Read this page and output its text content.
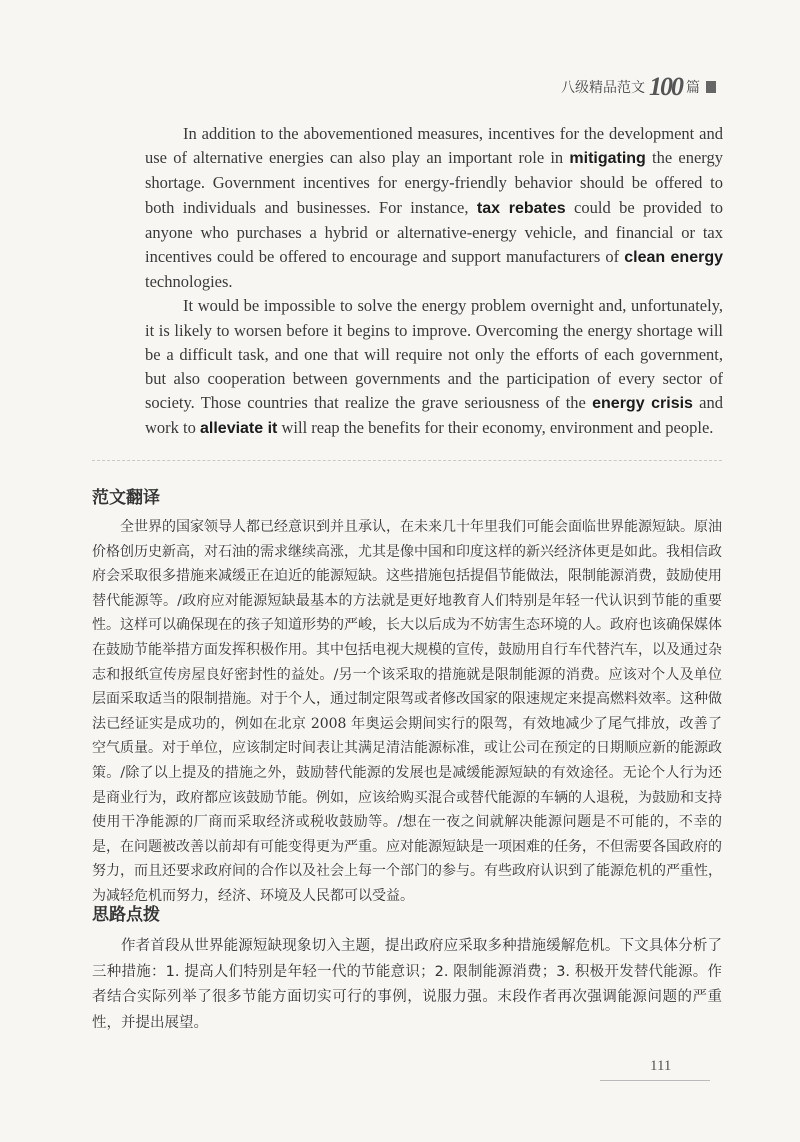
八级精品范文 100 篇

In addition to the abovementioned measures, incentives for the development and use of alternative energies can also play an important role in mitigating the energy shortage. Government incentives for energy-friendly behavior should be offered to both individuals and businesses. For instance, tax rebates could be provided to anyone who purchases a hybrid or alternative-energy vehicle, and financial or tax incentives could be offered to encourage and support manufacturers of clean energy technologies.

It would be impossible to solve the energy problem overnight and, unfortunately, it is likely to worsen before it begins to improve. Overcoming the energy shortage will be a difficult task, and one that will require not only the efforts of each government, but also cooperation between governments and the participation of every sector of society. Those countries that realize the grave seriousness of the energy crisis and work to alleviate it will reap the benefits for their economy, environment and people.

范文翻译

全世界的国家领导人都已经意识到并且承认，在未来几十年里我们可能会面临世界能源短缺。原油价格创历史新高，对石油的需求继续高涨，尤其是像中国和印度这样的新兴经济体更是如此。我相信政府会采取很多措施来减缓正在迫近的能源短缺。这些措施包括提倡节能做法，限制能源消费，鼓励使用替代能源等。/政府应对能源短缺最基本的方法就是更好地教育人们特别是年轻一代认识到节能的重要性。这样可以确保现在的孩子知道形势的严峻，长大以后成为不妨害生态环境的人。政府也该确保媒体在鼓励节能举措方面发挥积极作用。其中包括电视大规模的宣传，鼓励用自行车代替汽车，以及通过杂志和报纸宣传房屋良好密封性的益处。/另一个该采取的措施就是限制能源的消费。应该对个人及单位层面采取适当的限制措施。对于个人，通过制定限驾或者修改国家的限速规定来提高燃料效率。这种做法已经证实是成功的，例如在北京 2008 年奥运会期间实行的限驾，有效地减少了尾气排放，改善了空气质量。对于单位，应该制定时间表让其满足清洁能源标准，或让公司在预定的日期顺应新的能源政策。/除了以上提及的措施之外，鼓励替代能源的发展也是减缓能源短缺的有效途径。无论个人行为还是商业行为，政府都应该鼓励节能。例如，应该给购买混合或替代能源的车辆的人退税，为鼓励和支持使用干净能源的厂商而采取经济或税收鼓励等。/想在一夜之间就解决能源问题是不可能的，不幸的是，在问题被改善以前却有可能变得更为严重。应对能源短缺是一项困难的任务，不但需要各国政府的努力，而且还要求政府间的合作以及社会上每一个部门的参与。有些政府认识到了能源危机的严重性，为减轻危机而努力，经济、环境及人民都可以受益。

思路点拨

作者首段从世界能源短缺现象切入主题，提出政府应采取多种措施缓解危机。下文具体分析了三种措施：1. 提高人们特别是年轻一代的节能意识；2. 限制能源消费；3. 积极开发替代能源。作者结合实际列举了很多节能方面切实可行的事例，说服力强。末段作者再次强调能源问题的严重性，并提出展望。

111
